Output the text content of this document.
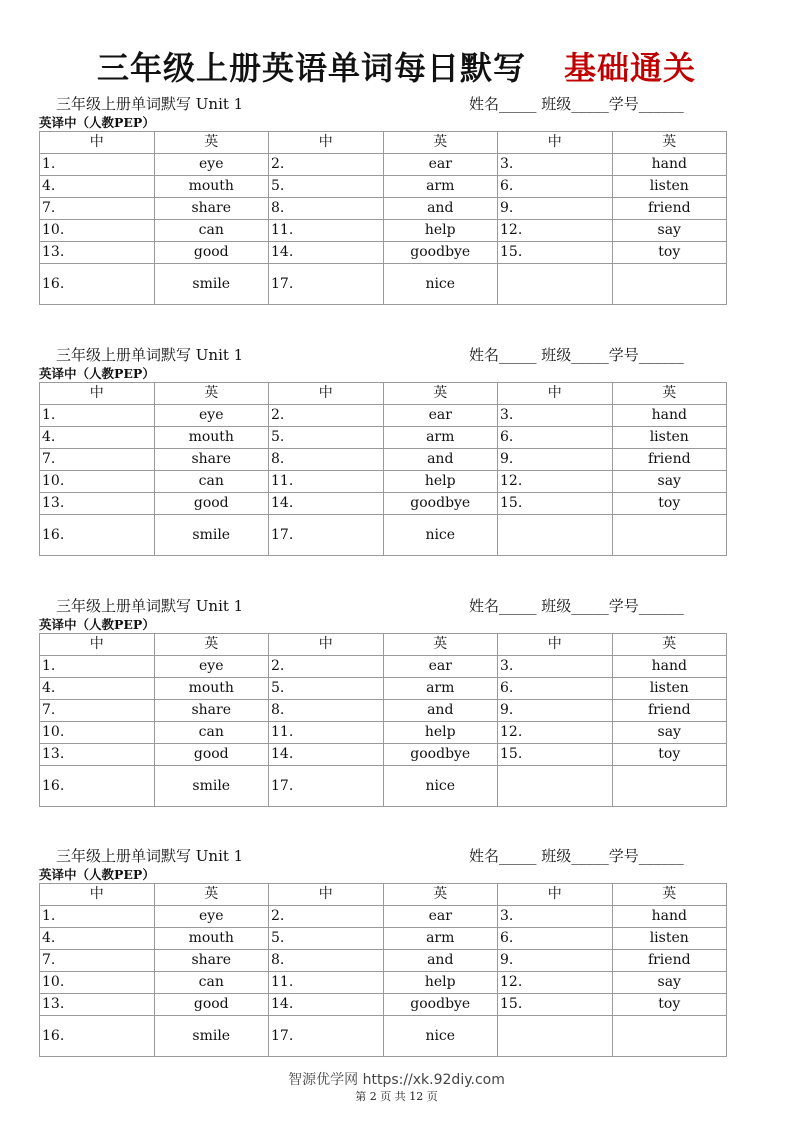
三年级上册英语单词每日默写 基础通关
三年级上册单词默写 Unit 1	姓名_____ 班级_____学号______
英译中（人教PEP）
中	英	中	英	中	英
1.	eye	2.	ear	3.	hand
4.	mouth	5.	arm	6.	listen
7.	share	8.	and	9.	friend
10.	can	11.	help	12.	say
13.	good	14.	goodbye	15.	toy
16.	smile	17.	nice		
三年级上册单词默写 Unit 1	姓名_____ 班级_____学号______
英译中（人教PEP）
中	英	中	英	中	英
1.	eye	2.	ear	3.	hand
4.	mouth	5.	arm	6.	listen
7.	share	8.	and	9.	friend
10.	can	11.	help	12.	say
13.	good	14.	goodbye	15.	toy
16.	smile	17.	nice		
三年级上册单词默写 Unit 1	姓名_____ 班级_____学号______
英译中（人教PEP）
中	英	中	英	中	英
1.	eye	2.	ear	3.	hand
4.	mouth	5.	arm	6.	listen
7.	share	8.	and	9.	friend
10.	can	11.	help	12.	say
13.	good	14.	goodbye	15.	toy
16.	smile	17.	nice		
三年级上册单词默写 Unit 1	姓名_____ 班级_____学号______
英译中（人教PEP）
中	英	中	英	中	英
1.	eye	2.	ear	3.	hand
4.	mouth	5.	arm	6.	listen
7.	share	8.	and	9.	friend
10.	can	11.	help	12.	say
13.	good	14.	goodbye	15.	toy
16.	smile	17.	nice		
智源优学网 https://xk.92diy.com
第 2 页 共 12 页
